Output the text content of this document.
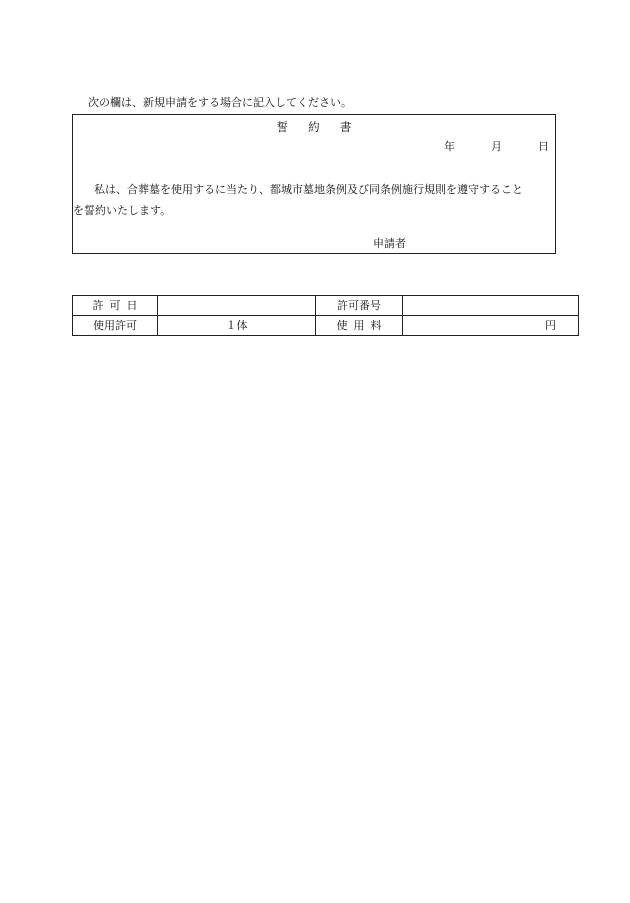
次の欄は、新規申請をする場合に記入してください。
誓 約 書
年	月	日
私は、合葬墓を使用するに当たり、都城市墓地条例及び同条例施行規則を遵守すること
を誓約いたします。
申請者
許 可 日		許可番号	
使用許可	１体	使 用 料	円
